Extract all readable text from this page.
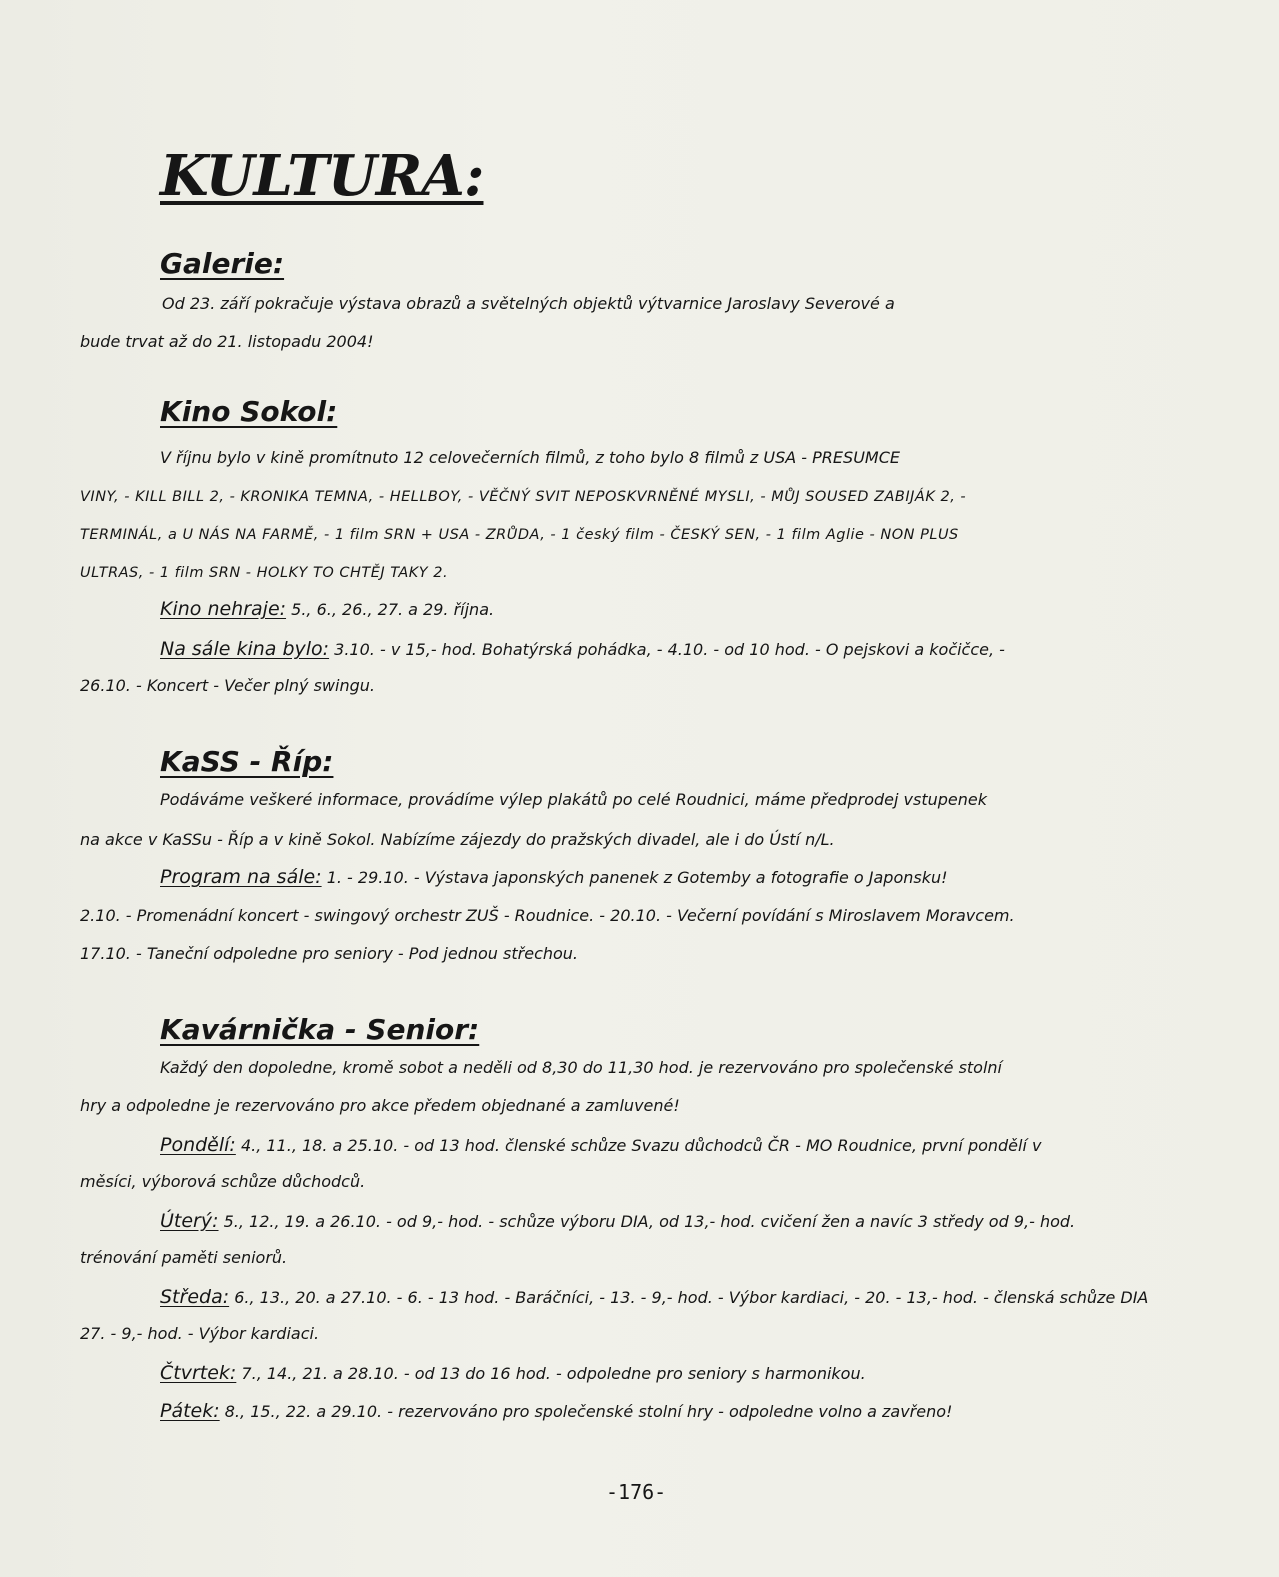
KULTURA:
Galerie:
Od 23. září pokračuje výstava obrazů a světelných objektů výtvarnice Jaroslavy Severové a
bude trvat až do 21. listopadu 2004!
Kino Sokol:
V říjnu bylo v kině promítnuto 12 celovečerních filmů, z toho bylo 8 filmů z USA - PRESUMCE
VINY, - KILL BILL 2, - KRONIKA TEMNA, - HELLBOY, - VĚČNÝ SVIT NEPOSKVRNĚNÉ MYSLI, - MŮJ SOUSED ZABIJÁK 2, -
TERMINÁL, a U NÁS NA FARMĚ, - 1 film SRN + USA - ZRŮDA, - 1 český film - ČESKÝ SEN, - 1 film Aglie - NON PLUS
ULTRAS, - 1 film SRN - HOLKY TO CHTĚJ TAKY 2.
Kino nehraje: 5., 6., 26., 27. a 29. října.
Na sále kina bylo: 3.10. - v 15,- hod. Bohatýrská pohádka, - 4.10. - od 10 hod. - O pejskovi a kočičce, -
26.10. - Koncert - Večer plný swingu.
KaSS - Říp:
Podáváme veškeré informace, provádíme výlep plakátů po celé Roudnici, máme předprodej vstupenek
na akce v KaSSu - Říp a v kině Sokol. Nabízíme zájezdy do pražských divadel, ale i do Ústí n/L.
Program na sále: 1. - 29.10. - Výstava japonských panenek z Gotemby a fotografie o Japonsku!
2.10. - Promenádní koncert - swingový orchestr ZUŠ - Roudnice. - 20.10. - Večerní povídání s Miroslavem Moravcem.
17.10. - Taneční odpoledne pro seniory - Pod jednou střechou.
Kavárnička - Senior:
Každý den dopoledne, kromě sobot a neděli od 8,30 do 11,30 hod. je rezervováno pro společenské stolní
hry a odpoledne je rezervováno pro akce předem objednané a zamluvené!
Pondělí: 4., 11., 18. a 25.10. - od 13 hod. členské schůze Svazu důchodců ČR - MO Roudnice, první pondělí v
měsíci, výborová schůze důchodců.
Úterý: 5., 12., 19. a 26.10. - od 9,- hod. - schůze výboru DIA, od 13,- hod. cvičení žen a navíc 3 středy od 9,- hod.
trénování paměti seniorů.
Středa: 6., 13., 20. a 27.10. - 6. - 13 hod. - Baráčníci, - 13. - 9,- hod. - Výbor kardiaci, - 20. - 13,- hod. - členská schůze DIA
27. - 9,- hod. - Výbor kardiaci.
Čtvrtek: 7., 14., 21. a 28.10. - od 13 do 16 hod. - odpoledne pro seniory s harmonikou.
Pátek: 8., 15., 22. a 29.10. - rezervováno pro společenské stolní hry - odpoledne volno a zavřeno!
-176-
